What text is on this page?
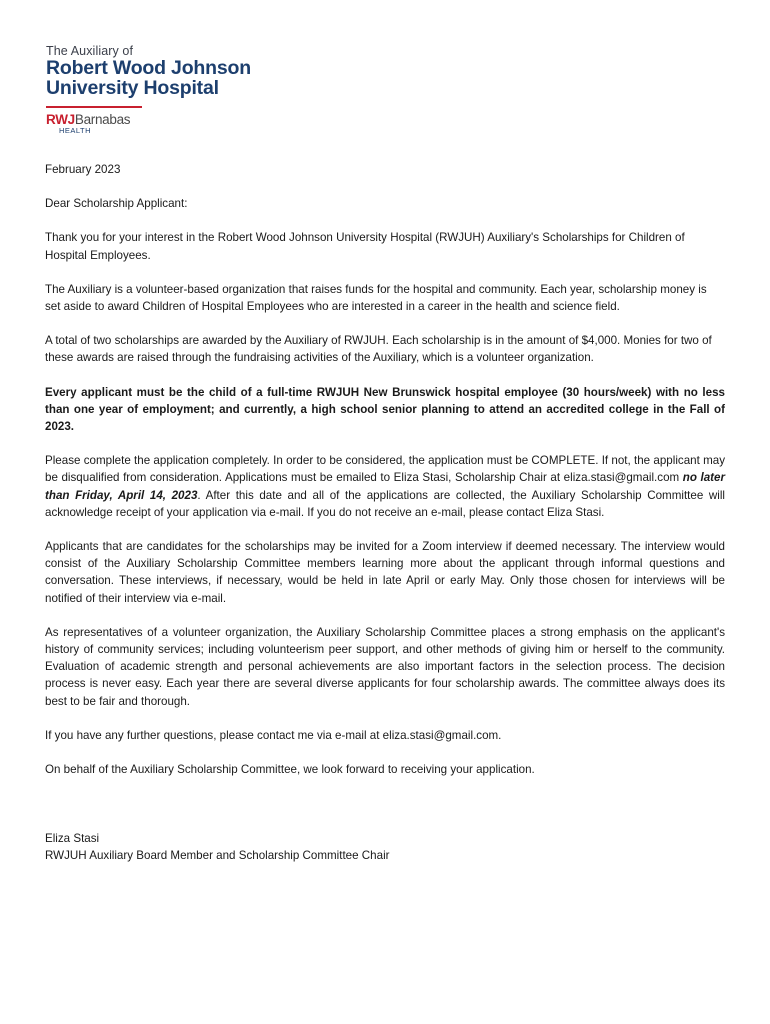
The Auxiliary of
Robert Wood Johnson
University Hospital
RWJBarnabas
HEALTH

February 2023

Dear Scholarship Applicant:

Thank you for your interest in the Robert Wood Johnson University Hospital (RWJUH) Auxiliary's Scholarships for Children of Hospital Employees.

The Auxiliary is a volunteer-based organization that raises funds for the hospital and community. Each year, scholarship money is set aside to award Children of Hospital Employees who are interested in a career in the health and science field.

A total of two scholarships are awarded by the Auxiliary of RWJUH. Each scholarship is in the amount of $4,000. Monies for two of these awards are raised through the fundraising activities of the Auxiliary, which is a volunteer organization.

Every applicant must be the child of a full-time RWJUH New Brunswick hospital employee (30 hours/week) with no less than one year of employment; and currently, a high school senior planning to attend an accredited college in the Fall of 2023.

Please complete the application completely. In order to be considered, the application must be COMPLETE. If not, the applicant may be disqualified from consideration. Applications must be emailed to Eliza Stasi, Scholarship Chair at eliza.stasi@gmail.com no later than Friday, April 14, 2023. After this date and all of the applications are collected, the Auxiliary Scholarship Committee will acknowledge receipt of your application via e-mail. If you do not receive an e-mail, please contact Eliza Stasi.

Applicants that are candidates for the scholarships may be invited for a Zoom interview if deemed necessary. The interview would consist of the Auxiliary Scholarship Committee members learning more about the applicant through informal questions and conversation. These interviews, if necessary, would be held in late April or early May. Only those chosen for interviews will be notified of their interview via e-mail.

As representatives of a volunteer organization, the Auxiliary Scholarship Committee places a strong emphasis on the applicant's history of community services; including volunteerism peer support, and other methods of giving him or herself to the community. Evaluation of academic strength and personal achievements are also important factors in the selection process. The decision process is never easy. Each year there are several diverse applicants for four scholarship awards. The committee always does its best to be fair and thorough.

If you have any further questions, please contact me via e-mail at eliza.stasi@gmail.com.

On behalf of the Auxiliary Scholarship Committee, we look forward to receiving your application.

Eliza Stasi
RWJUH Auxiliary Board Member and Scholarship Committee Chair
